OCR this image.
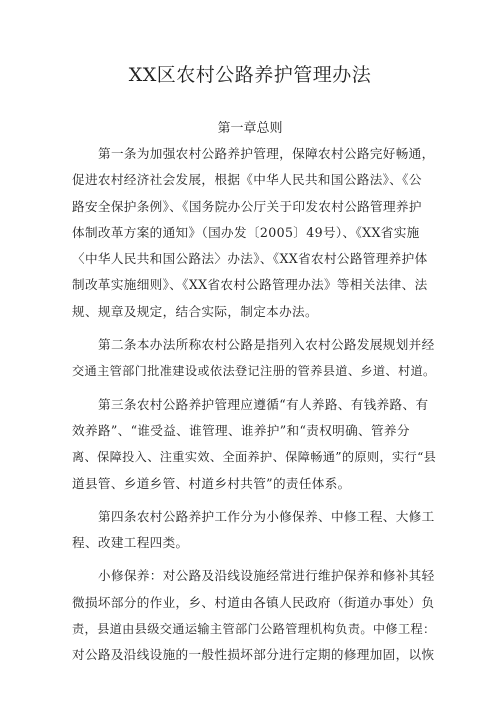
XX区农村公路养护管理办法
第一章总则
第一条为加强农村公路养护管理，保障农村公路完好畅通，
促进农村经济社会发展，根据《中华人民共和国公路法》、《公
路安全保护条例》、《国务院办公厅关于印发农村公路管理养护
体制改革方案的通知》（国办发〔2005〕49号）、《XX省实施
〈中华人民共和国公路法〉办法》、《XX省农村公路管理养护体
制改革实施细则》、《XX省农村公路管理办法》等相关法律、法
规、规章及规定，结合实际，制定本办法。
第二条本办法所称农村公路是指列入农村公路发展规划并经
交通主管部门批准建设或依法登记注册的管养县道、乡道、村道。
第三条农村公路养护管理应遵循“有人养路、有钱养路、有
效养路”、“谁受益、谁管理、谁养护”和“责权明确、管养分
离、保障投入、注重实效、全面养护、保障畅通”的原则，实行“县
道县管、乡道乡管、村道乡村共管”的责任体系。
第四条农村公路养护工作分为小修保养、中修工程、大修工
程、改建工程四类。
小修保养：对公路及沿线设施经常进行维护保养和修补其轻
微损坏部分的作业，乡、村道由各镇人民政府（街道办事处）负
责，县道由县级交通运输主管部门公路管理机构负责。中修工程：
对公路及沿线设施的一般性损坏部分进行定期的修理加固，以恢
